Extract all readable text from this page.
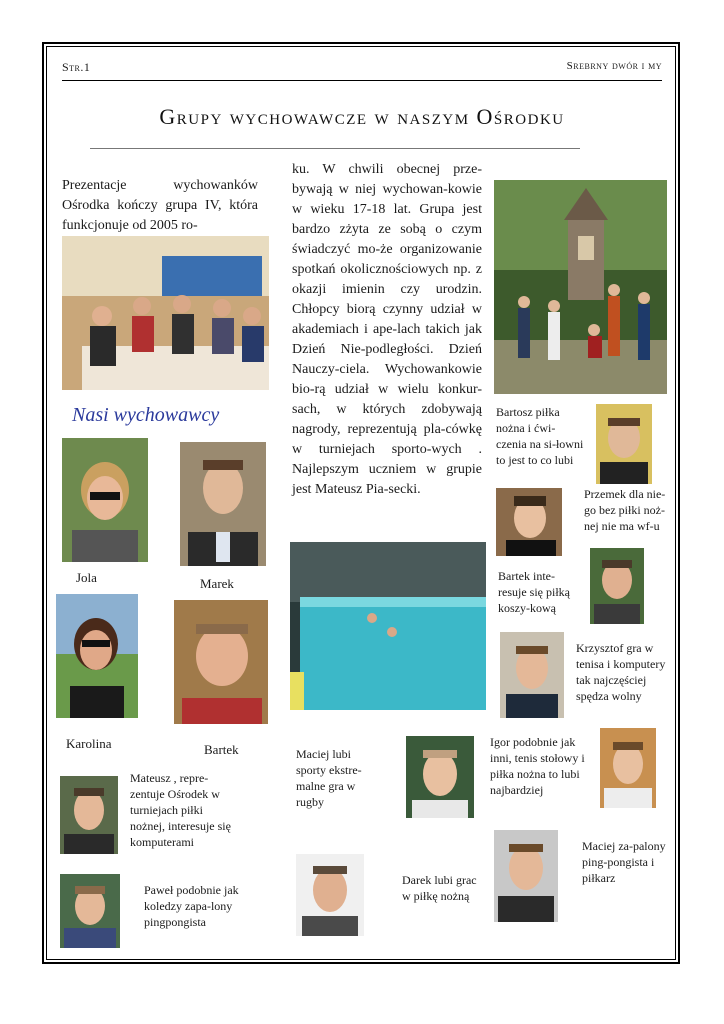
Str.1	Srebrny dwór i my
Grupy wychowawcze w naszym Ośrodku
Prezentacje wychowanków Ośrodka kończy grupa IV, która funkcjonuje od 2005 ro-
ku. W chwili obecnej prze-bywają w niej wychowan-kowie w wieku 17-18 lat. Grupa jest bardzo zżyta ze sobą o czym świadczyć mo-że organizowanie spotkań okolicznościowych np. z okazji imienin czy urodzin. Chłopcy biorą czynny udział w akademiach i ape-lach takich jak Dzień Nie-podległości. Dzień Nauczy-ciela. Wychowankowie bio-rą udział w wielu konkur-sach, w których zdobywają nagrody, reprezentują pla-cówkę w turniejach sporto-wych . Najlepszym uczniem w grupie jest Mateusz Pia-secki.
Nasi wychowawcy
Jola	Marek
Karolina	Bartek
Bartosz piłka nożna i ćwi-czenia na si-łowni to jest to co lubi
Przemek dla nie-go bez piłki noż-nej nie ma wf-u
Bartek inte-resuje się piłką koszy-kową
Krzysztof gra w tenisa i komputery tak najczęściej spędza wolny
Maciej lubi sporty ekstre-malne gra w rugby
Igor podobnie jak inni, tenis stołowy i piłka nożna to lubi najbardziej
Mateusz , repre-zentuje Ośrodek w turniejach piłki nożnej, interesuje się komputerami	Maciej za-palony ping-pongista i piłkarz
Darek lubi grac w piłkę nożną
Paweł podobnie jak koledzy zapa-lony pingpongista
